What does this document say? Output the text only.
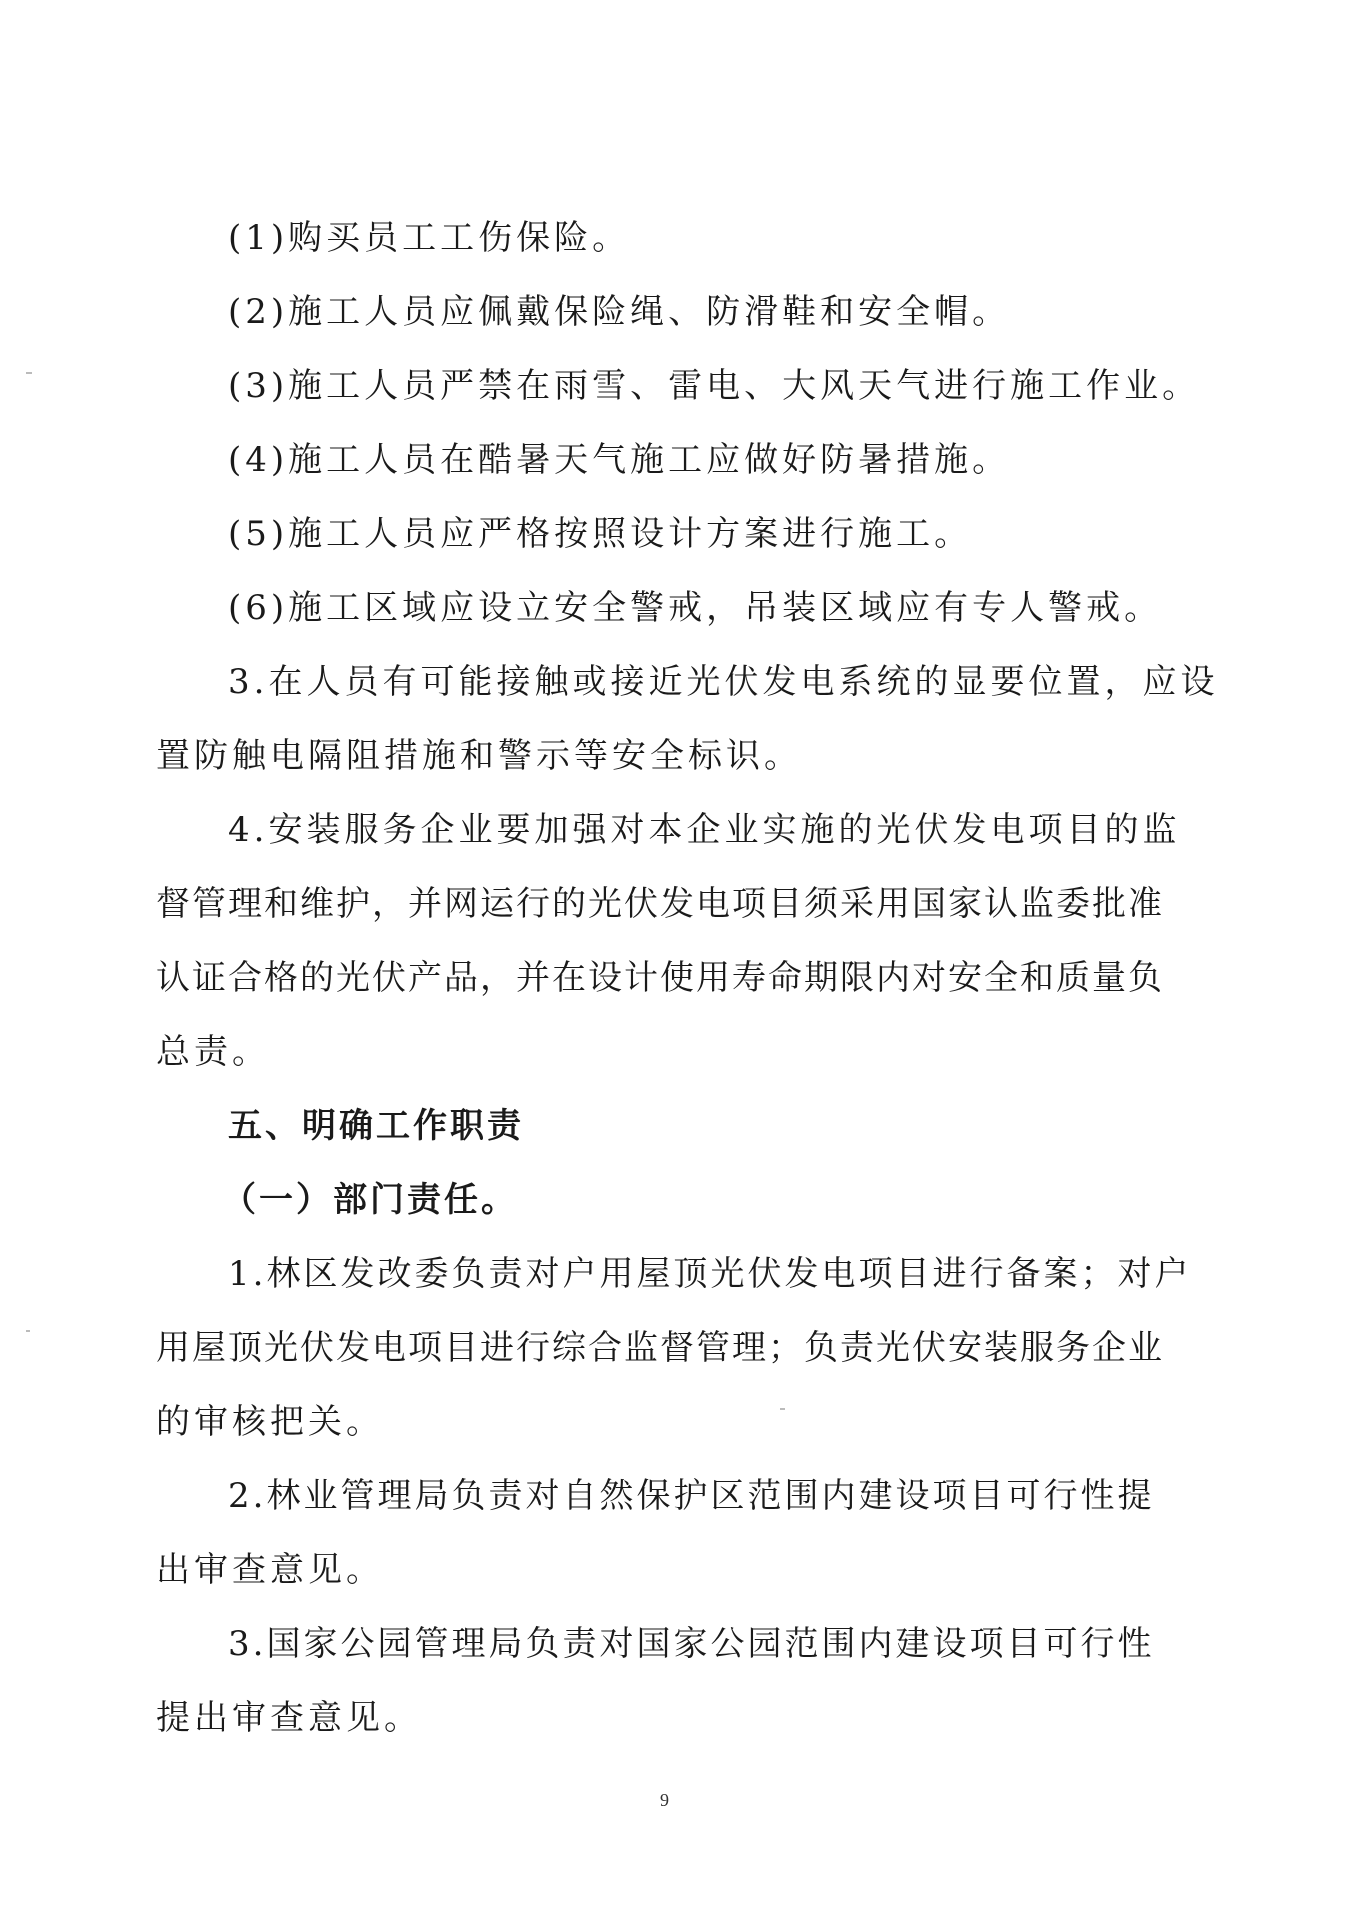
(1)购买员工工伤保险。
(2)施工人员应佩戴保险绳、防滑鞋和安全帽。
(3)施工人员严禁在雨雪、雷电、大风天气进行施工作业。
(4)施工人员在酷暑天气施工应做好防暑措施。
(5)施工人员应严格按照设计方案进行施工。
(6)施工区域应设立安全警戒，吊装区域应有专人警戒。
3.在人员有可能接触或接近光伏发电系统的显要位置，应设
置防触电隔阻措施和警示等安全标识。
4.安装服务企业要加强对本企业实施的光伏发电项目的监
督管理和维护，并网运行的光伏发电项目须采用国家认监委批准
认证合格的光伏产品，并在设计使用寿命期限内对安全和质量负
总责。
五、明确工作职责
（一）部门责任。
1.林区发改委负责对户用屋顶光伏发电项目进行备案；对户
用屋顶光伏发电项目进行综合监督管理；负责光伏安装服务企业
的审核把关。
2.林业管理局负责对自然保护区范围内建设项目可行性提
出审查意见。
3.国家公园管理局负责对国家公园范围内建设项目可行性
提出审查意见。
9
